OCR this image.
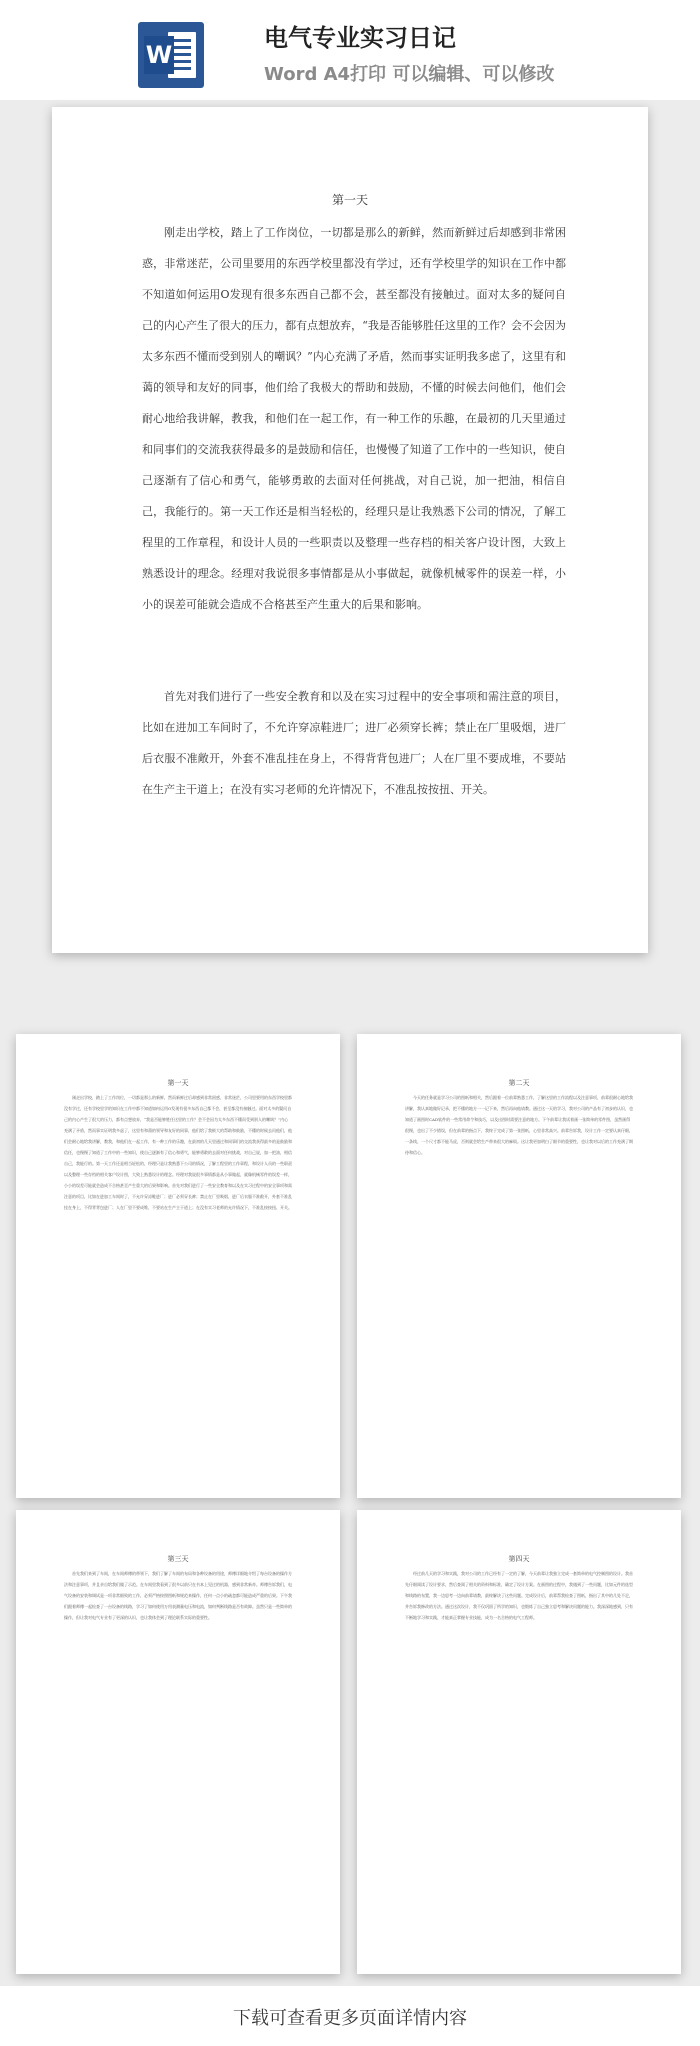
W
电气专业实习日记
Word A4打印 可以编辑、可以修改
第一天

刚走出学校，踏上了工作岗位，一切都是那么的新鲜，然而新鲜过后却感到非常困惑，非常迷茫，公司里要用的东西学校里都没有学过，还有学校里学的知识在工作中都不知道如何运用O发现有很多东西自己都不会，甚至都没有接触过。面对太多的疑问自己的内心产生了很大的压力，都有点想放弃，“我是否能够胜任这里的工作？会不会因为太多东西不懂而受到别人的嘲讽？”内心充满了矛盾，然而事实证明我多虑了，这里有和蔼的领导和友好的同事，他们给了我极大的帮助和鼓励，不懂的时候去问他们，他们会耐心地给我讲解，教我，和他们在一起工作，有一种工作的乐趣，在最初的几天里通过和同事们的交流我获得最多的是鼓励和信任，也慢慢了知道了工作中的一些知识，使自己逐渐有了信心和勇气，能够勇敢的去面对任何挑战，对自己说，加一把油，相信自己，我能行的。第一天工作还是相当轻松的，经理只是让我熟悉下公司的情况，了解工程里的工作章程，和设计人员的一些职责以及整理一些存档的相关客户设计图，大致上熟悉设计的理念。经理对我说很多事情都是从小事做起，就像机械零件的误差一样，小小的误差可能就会造成不合格甚至产生重大的后果和影响。

首先对我们进行了一些安全教育和以及在实习过程中的安全事项和需注意的项目，比如在进加工车间时了，不允许穿凉鞋进厂；进厂必须穿长裤；禁止在厂里吸烟，进厂后衣服不准敞开，外套不准乱挂在身上，不得背背包进厂；人在厂里不要成堆，不要站在生产主干道上；在没有实习老师的允许情况下，不准乱按按扭、开关。

第一天

刚走出学校，踏上了工作岗位，一切都是那么的新鲜，然而新鲜过后却感到非常困惑，非常迷茫，公司里要用的东西学校里都没有学过，还有学校里学的知识在工作中都不知道如何运用O发现有很多东西自己都不会，甚至都没有接触过。面对太多的疑问自己的内心产生了很大的压力，都有点想放弃，“我是否能够胜任这里的工作？会不会因为太多东西不懂而受到别人的嘲讽？”内心充满了矛盾，然而事实证明我多虑了，这里有和蔼的领导和友好的同事，他们给了我极大的帮助和鼓励，不懂的时候去问他们，他们会耐心地给我讲解，教我，和他们在一起工作，有一种工作的乐趣，在最初的几天里通过和同事们的交流我获得最多的是鼓励和信任，也慢慢了知道了工作中的一些知识，使自己逐渐有了信心和勇气，能够勇敢的去面对任何挑战，对自己说，加一把油，相信自己，我能行的。第一天工作还是相当轻松的，经理只是让我熟悉下公司的情况，了解工程里的工作章程，和设计人员的一些职责以及整理一些存档的相关客户设计图，大致上熟悉设计的理念。经理对我说很多事情都是从小事做起，就像机械零件的误差一样，小小的误差可能就会造成不合格甚至产生重大的后果和影响。首先对我们进行了一些安全教育和以及在实习过程中的安全事项和需注意的项目，比如在进加工车间时了，不允许穿凉鞋进厂；进厂必须穿长裤；禁止在厂里吸烟，进厂后衣服不准敞开，外套不准乱挂在身上，不得背背包进厂；人在厂里不要成堆，不要站在生产主干道上；在没有实习老师的允许情况下，不准乱按按扭、开关。

第二天

今天的任务就是学习公司的图纸和相关，然后跟着一位前辈熟悉工作，了解这里的工作流程以及注意事项，前辈很耐心地给我讲解，我认真地做好记录，把不懂的地方一一记下来，然后再向他请教。通过这一天的学习，我对公司的产品有了初步的认识，也知道了画图时CAD软件的一些常用命令和技巧，以及出图时需要注意的地方。下午前辈让我试着画一张简单的零件图，虽然画得很慢，也出了不少错误，但在前辈的指点下，我终于完成了第一张图纸，心里非常高兴。前辈告诉我，设计工作一定要认真仔细，一条线、一个尺寸都不能马虎，否则就会给生产带来很大的麻烦。这让我更加明白了细节的重要性，也让我对以后的工作充满了期待和信心。

第三天

首先我们来到了车间，在车间师傅的带领下，我们了解了车间的布局和各种设备的用途，师傅详细地介绍了每台设备的操作方法和注意事项，并且亲自给我们做了示范。在车间里我看到了很多以前只在书本上见过的机器，感到非常新奇。师傅告诉我们，电气设备的安装和调试是一项非常细致的工作，必须严格按照图纸和规范来操作，任何一点小的疏忽都可能造成严重的后果。下午我们跟着师傅一起检查了一台设备的线路，学习了如何使用万用表测量电压和电流，如何判断线路是否有故障。虽然只是一些简单的操作，但让我对电气专业有了更深的认识，也让我体会到了理论联系实际的重要性。

第四天

经过前几天的学习和实践，我对公司的工作已经有了一定的了解，今天前辈让我独立完成一套简单的电气控制图的设计。我首先仔细阅读了设计要求，然后查阅了相关的资料和标准，确定了设计方案。在画图的过程中，我遇到了一些问题，比如元件的选型和线路的布置，我一边思考一边向前辈请教，最终解决了这些问题。完成设计后，前辈帮我检查了图纸，指出了其中的几处不足，并告诉我修改的方法。通过这次设计，我不仅巩固了所学的知识，也锻炼了自己独立思考和解决问题的能力。我深深地感到，只有不断地学习和实践，才能真正掌握专业技能，成为一名合格的电气工程师。

下载可查看更多页面详情内容
